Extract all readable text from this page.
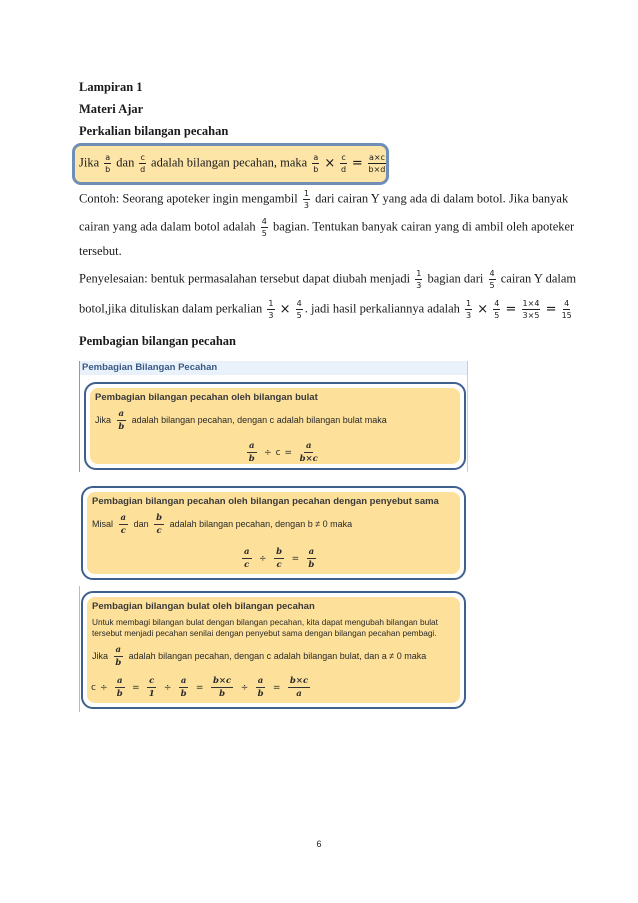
Lampiran 1
Materi Ajar
Perkalian bilangan pecahan
Jika $\frac{a}{b}$ dan $\frac{c}{d}$ adalah bilangan pecahan, maka $\frac{a}{b} \times \frac{c}{d} = \frac{a\times c}{b\times d}$
Contoh: Seorang apoteker ingin mengambil $\frac{1}{3}$ dari cairan Y yang ada di dalam botol. Jika banyak
cairan yang ada dalam botol adalah $\frac{4}{5}$ bagian. Tentukan banyak cairan yang di ambil oleh apoteker
tersebut.
Penyelesaian: bentuk permasalahan tersebut dapat diubah menjadi $\frac{1}{3}$ bagian dari $\frac{4}{5}$ cairan Y dalam
botol,jika dituliskan dalam perkalian $\frac{1}{3} \times \frac{4}{5}$ . jadi hasil perkaliannya adalah $\frac{1}{3} \times \frac{4}{5} = \frac{1\times 4}{3\times 5} = \frac{4}{15}$
Pembagian bilangan pecahan
Pembagian Bilangan Pecahan
Pembagian bilangan pecahan oleh bilangan bulat
Jika $\frac{a}{b}$ adalah bilangan pecahan, dengan c adalah bilangan bulat maka
$\frac{a}{b} \div c = \frac{a}{b\times c}$
Pembagian bilangan pecahan oleh bilangan pecahan dengan penyebut sama
Misal $\frac{a}{c}$ dan $\frac{b}{c}$ adalah bilangan pecahan, dengan b ≠ 0 maka
$\frac{a}{c} \div \frac{b}{c} = \frac{a}{b}$
Pembagian bilangan bulat oleh bilangan pecahan
Untuk membagi bilangan bulat dengan bilangan pecahan, kita dapat mengubah bilangan bulat
tersebut menjadi pecahan senilai dengan penyebut sama dengan bilangan pecahan pembagi.
Jika $\frac{a}{b}$ adalah bilangan pecahan, dengan c adalah bilangan bulat, dan a ≠ 0 maka
$c \div \frac{a}{b} = \frac{c}{1} \div \frac{a}{b} = \frac{b\times c}{b} \div \frac{a}{b} = \frac{b\times c}{a}$
6
